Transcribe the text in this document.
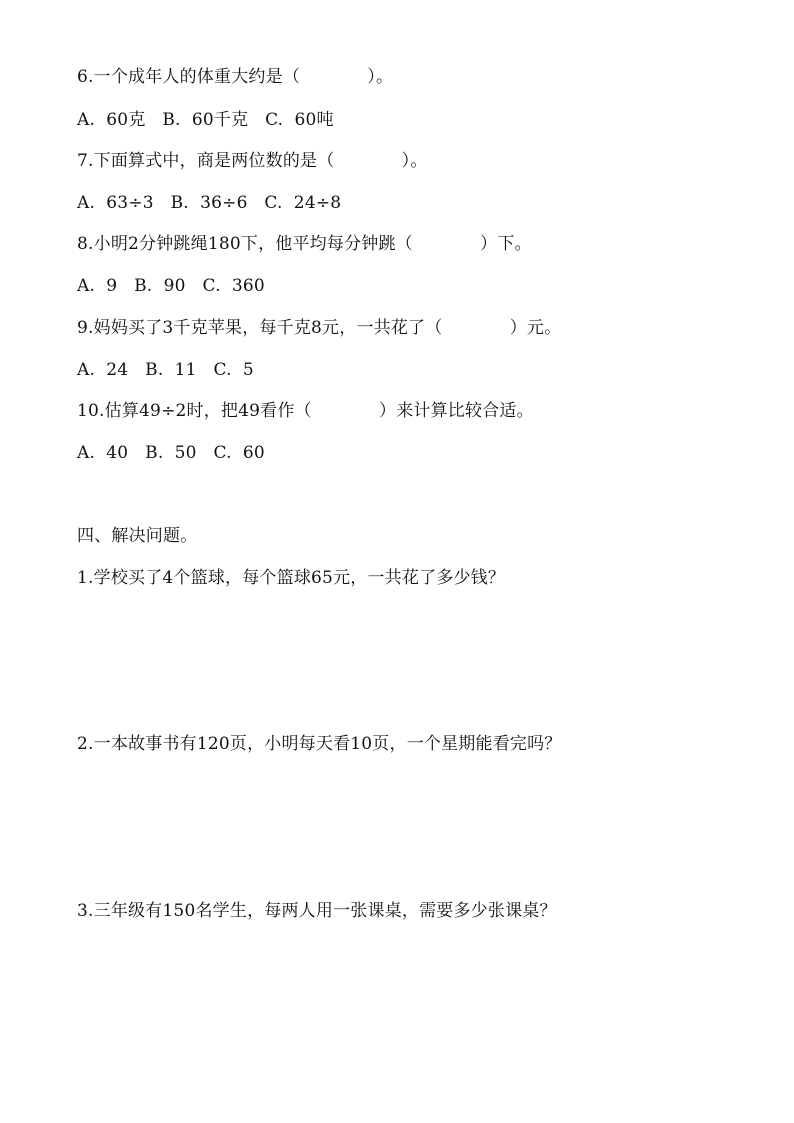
6.一个成年人的体重大约是（            ）。
A.  60克   B.  60千克   C.  60吨
7.下面算式中，商是两位数的是（            ）。
A.  63÷3   B.  36÷6   C.  24÷8
8.小明2分钟跳绳180下，他平均每分钟跳（            ）下。
A.  9   B.  90   C.  360
9.妈妈买了3千克苹果，每千克8元，一共花了（            ）元。
A.  24   B.  11   C.  5
10.估算49÷2时，把49看作（            ）来计算比较合适。
A.  40   B.  50   C.  60
四、解决问题。
1.学校买了4个篮球，每个篮球65元，一共花了多少钱？
2.一本故事书有120页，小明每天看10页，一个星期能看完吗？
3.三年级有150名学生，每两人用一张课桌，需要多少张课桌？
